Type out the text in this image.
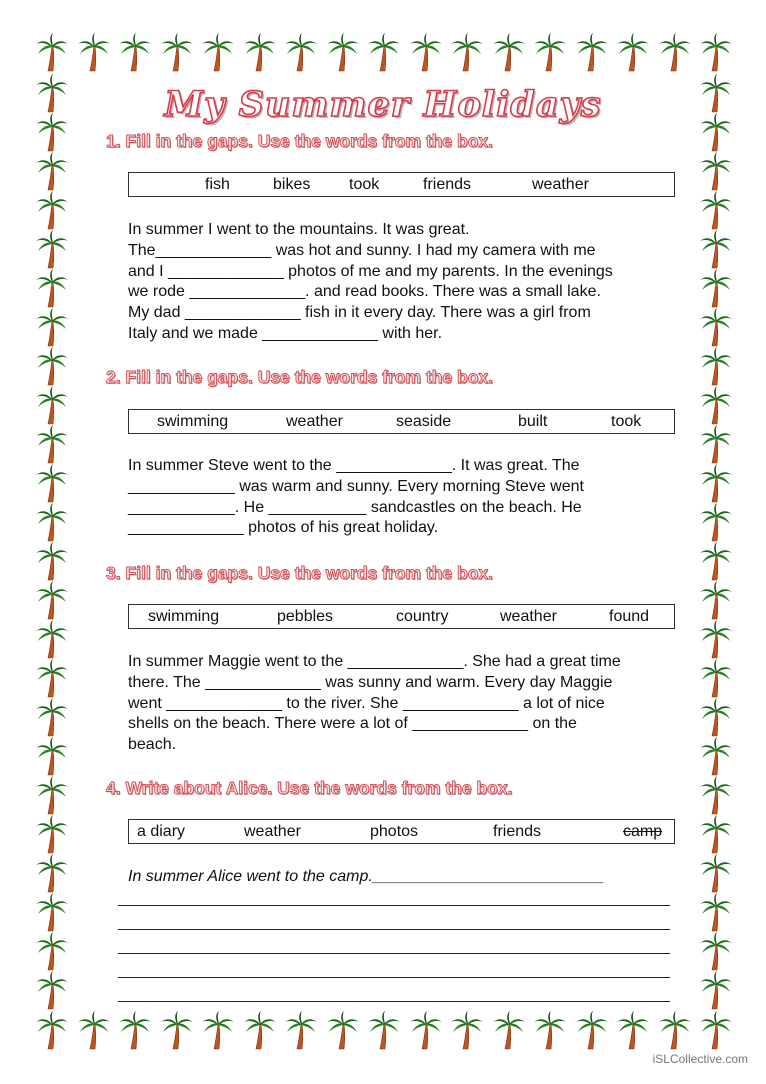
My Summer Holidays
1. Fill in the gaps. Use the words from the box.
fish	bikes took	friends	weather

In summer I went to the mountains. It was great.

The_____________ was hot and sunny. I had my camera with me

and I _____________ photos of me and my parents. In the evenings

we rode _____________. and read books. There was a small lake.

My dad _____________ fish in it every day. There was a girl from

Italy and we made _____________ with her.

2. Fill in the gaps. Use the words from the box.
swimming	weather	seaside	built	took

In summer Steve went to the _____________. It was great. The

____________ was warm and sunny. Every morning Steve went

____________. He ___________ sandcastles on the beach. He

_____________ photos of his great holiday.

3. Fill in the gaps. Use the words from the box.
swimming	pebbles	country	weather	found

In summer Maggie went to the _____________. She had a great time

there. The _____________ was sunny and warm. Every day Maggie

went _____________ to the river. She _____________ a lot of nice

shells on the beach. There were a lot of _____________ on the

beach.

4. Write about Alice. Use the words from the box.
a diary	weather	photos	friends	camp
In summer Alice went to the camp.__________________________
iSLCollective.com
